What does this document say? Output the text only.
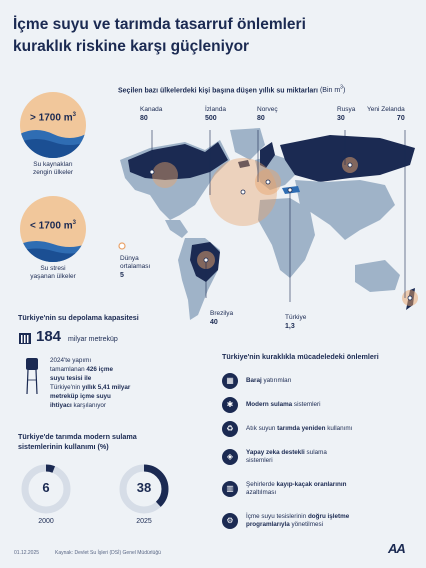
İçme suyu ve tarımda tasarruf önlemleri
kuraklık riskine karşı güçleniyor
Seçilen bazı ülkelerdeki kişi başına düşen yıllık su miktarları (Bin $m^3$)
Kanada
80
İzlanda
500
Norveç
80
Rusya
30
Yeni Zelanda
70
Dünya ortalaması
5
Brezilya
40
Türkiye
1,3
> 1700 $m^3$
Su kaynakları
zengin ülkeler
< 1700 $m^3$
Su stresi
yaşanan ülkeler
Türkiye'nin su depolama kapasitesi
184 milyar metreküp
2024'te yapımı
tamamlanan 426 içme
suyu tesisi ile
Türkiye'nin yıllık 5,41 milyar
metreküp içme suyu
ihtiyacı karşılanıyor
Türkiye'de tarımda modern sulama
sistemlerinin kullanımı (%)
6	38
2000	2025
Türkiye'nin kuraklıkla mücadeledeki önlemleri
▦	Baraj yatırımları
✱	Modern sulama sistemleri
♻	Atık suyun tarımda yeniden kullanımı
◈	Yapay zeka destekli sulama
sistemleri
▥	Şehirlerde kayıp-kaçak oranlarının
azaltılması
⚙	İçme suyu tesislerinin doğru işletme
programlarıyla yönetilmesi
01.12.2025	Kaynak: Devlet Su İşleri (DSİ) Genel Müdürlüğü	AA
